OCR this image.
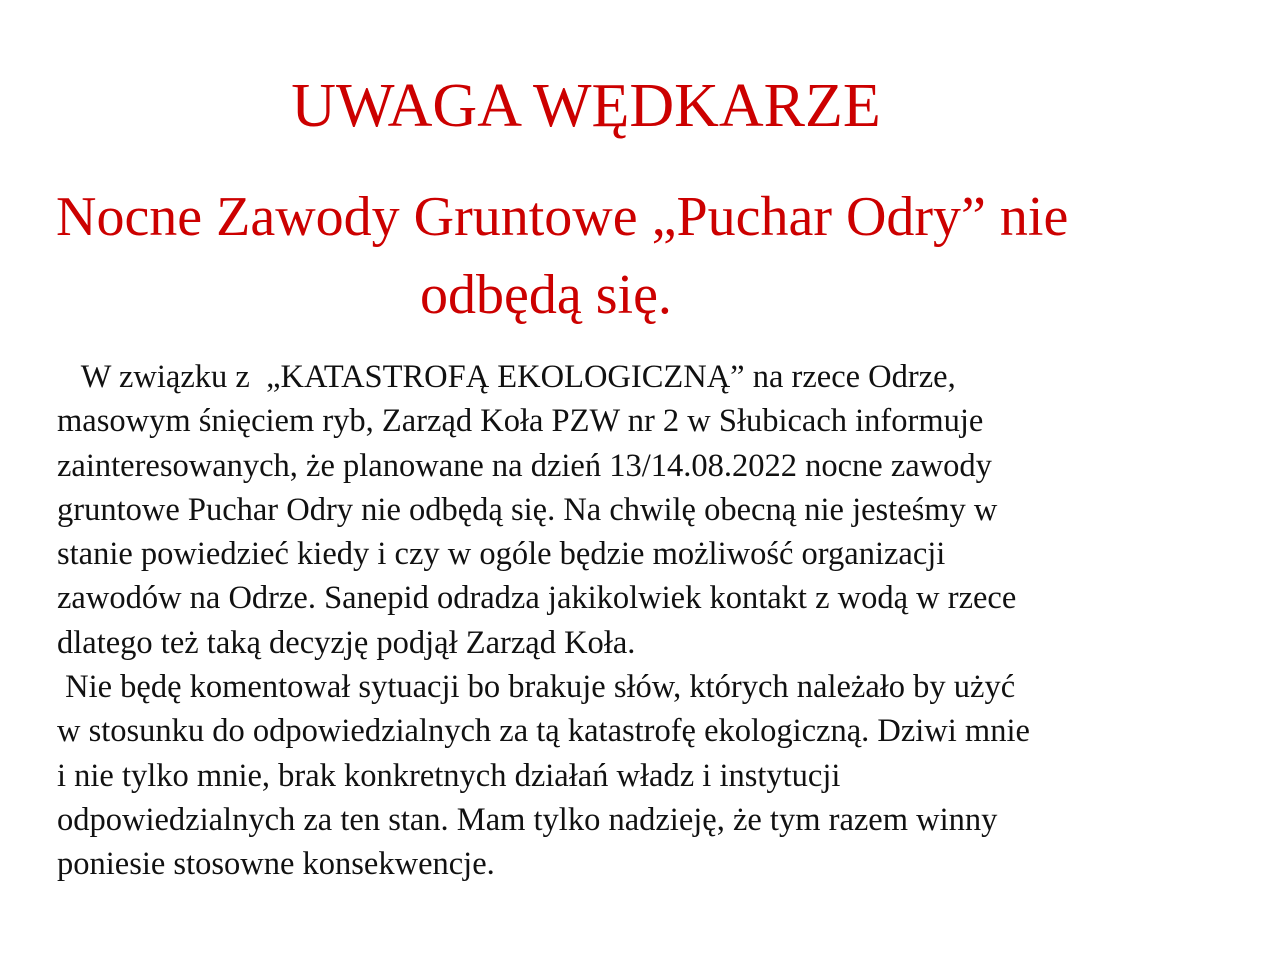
UWAGA WĘDKARZE
Nocne Zawody Gruntowe „Puchar Odry” nie
odbędą się.
W związku z  „KATASTROFĄ EKOLOGICZNĄ” na rzece Odrze,
masowym śnięciem ryb, Zarząd Koła PZW nr 2 w Słubicach informuje
zainteresowanych, że planowane na dzień 13/14.08.2022 nocne zawody
gruntowe Puchar Odry nie odbędą się. Na chwilę obecną nie jesteśmy w
stanie powiedzieć kiedy i czy w ogóle będzie możliwość organizacji
zawodów na Odrze. Sanepid odradza jakikolwiek kontakt z wodą w rzece
dlatego też taką decyzję podjął Zarząd Koła.
Nie będę komentował sytuacji bo brakuje słów, których należało by użyć
w stosunku do odpowiedzialnych za tą katastrofę ekologiczną. Dziwi mnie
i nie tylko mnie, brak konkretnych działań władz i instytucji
odpowiedzialnych za ten stan. Mam tylko nadzieję, że tym razem winny
poniesie stosowne konsekwencje.
